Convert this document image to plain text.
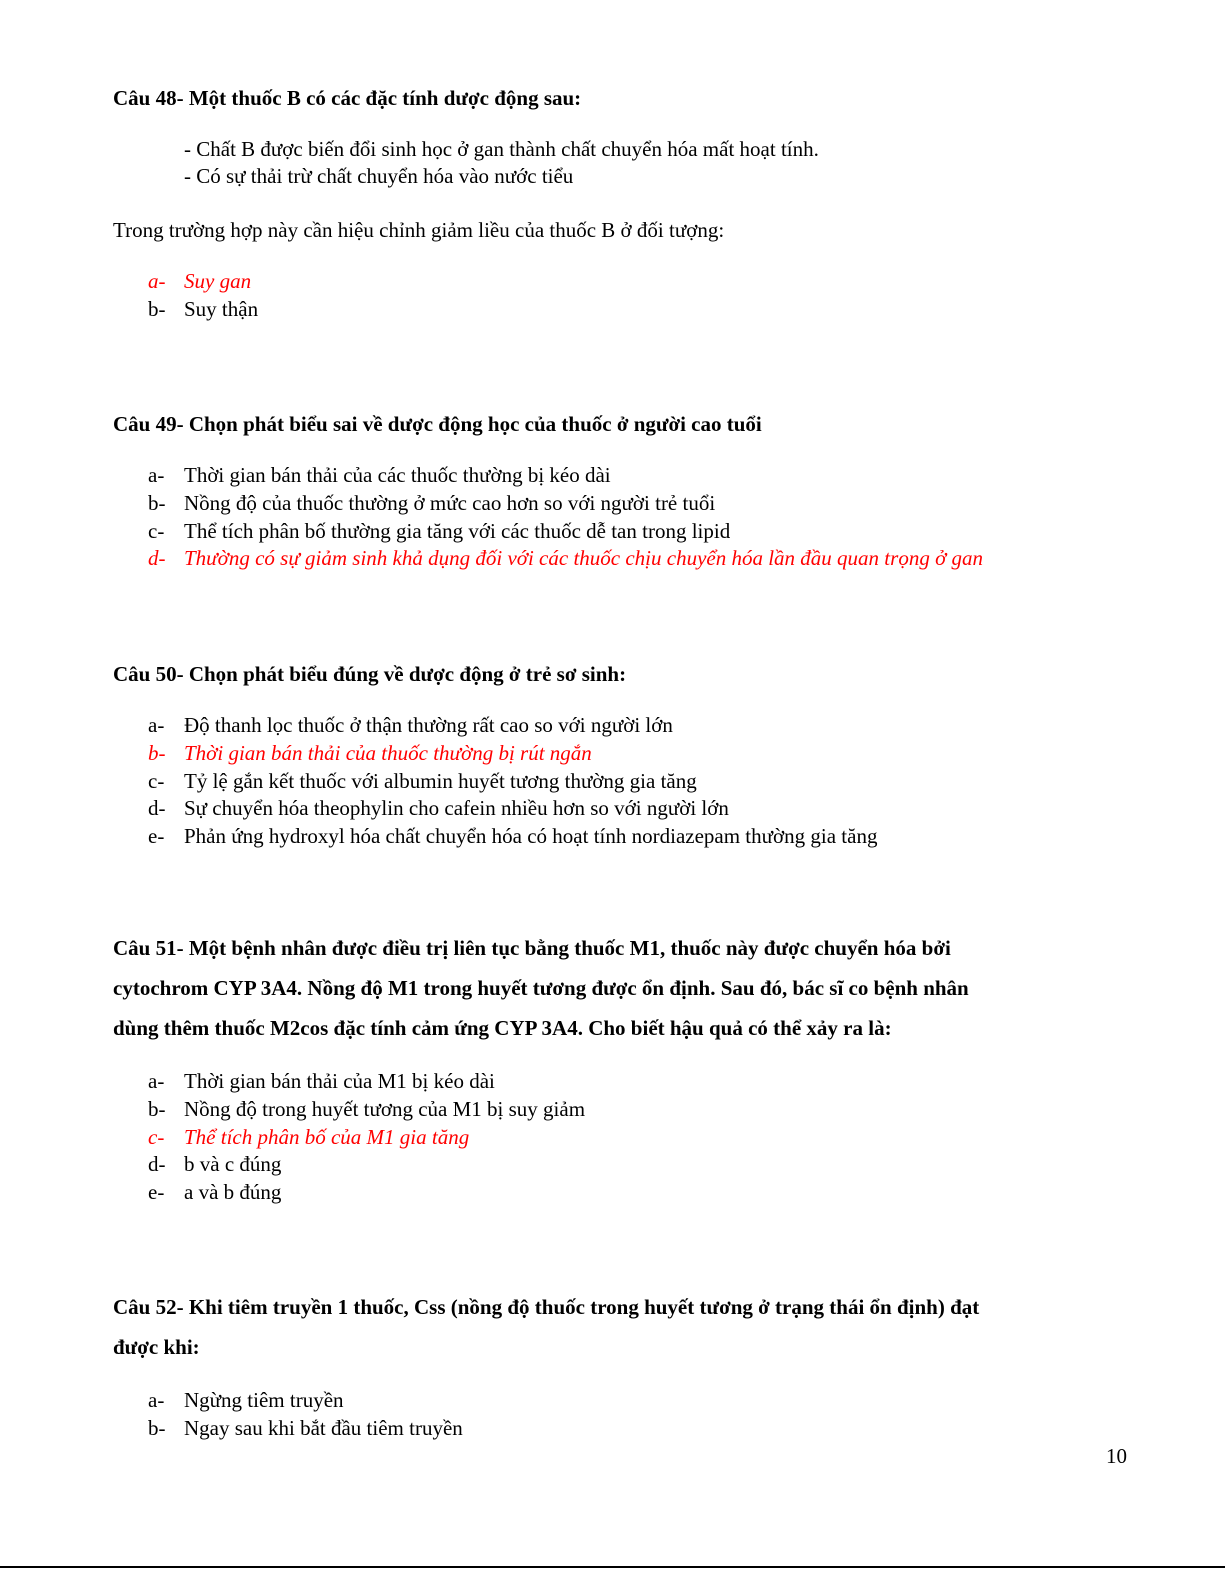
Câu 48- Một thuốc B có các đặc tính dược động sau:

- Chất B được biến đổi sinh học ở gan thành chất chuyển hóa mất hoạt tính.
- Có sự thải trừ chất chuyển hóa vào nước tiểu
Trong trường hợp này cần hiệu chỉnh giảm liều của thuốc B ở đối tượng:
a- Suy gan
b- Suy thận

Câu 49- Chọn phát biểu sai về dược động học của thuốc ở người cao tuổi

a- Thời gian bán thải của các thuốc thường bị kéo dài
b- Nồng độ của thuốc thường ở mức cao hơn so với người trẻ tuổi
c- Thể tích phân bố thường gia tăng với các thuốc dễ tan trong lipid
d- Thường có sự giảm sinh khả dụng đối với các thuốc chịu chuyển hóa lần đầu quan trọng ở gan

Câu 50- Chọn phát biểu đúng về dược động ở trẻ sơ sinh:

a- Độ thanh lọc thuốc ở thận thường rất cao so với người lớn
b- Thời gian bán thải của thuốc thường bị rút ngắn
c- Tỷ lệ gắn kết thuốc với albumin huyết tương thường gia tăng
d- Sự chuyển hóa theophylin cho cafein nhiều hơn so với người lớn
e- Phản ứng hydroxyl hóa chất chuyển hóa có hoạt tính nordiazepam thường gia tăng
Câu 51- Một bệnh nhân được điều trị liên tục bằng thuốc M1, thuốc này được chuyển hóa bởi
cytochrom CYP 3A4. Nồng độ M1 trong huyết tương được ổn định. Sau đó, bác sĩ co bệnh nhân
dùng thêm thuốc M2cos đặc tính cảm ứng CYP 3A4. Cho biết hậu quả có thể xảy ra là:
a- Thời gian bán thải của M1 bị kéo dài
b- Nồng độ trong huyết tương của M1 bị suy giảm
c- Thể tích phân bố của M1 gia tăng
d- b và c đúng
e- a và b đúng
Câu 52- Khi tiêm truyền 1 thuốc, Css (nồng độ thuốc trong huyết tương ở trạng thái ổn định) đạt
được khi:
a- Ngừng tiêm truyền
b- Ngay sau khi bắt đầu tiêm truyền
10
